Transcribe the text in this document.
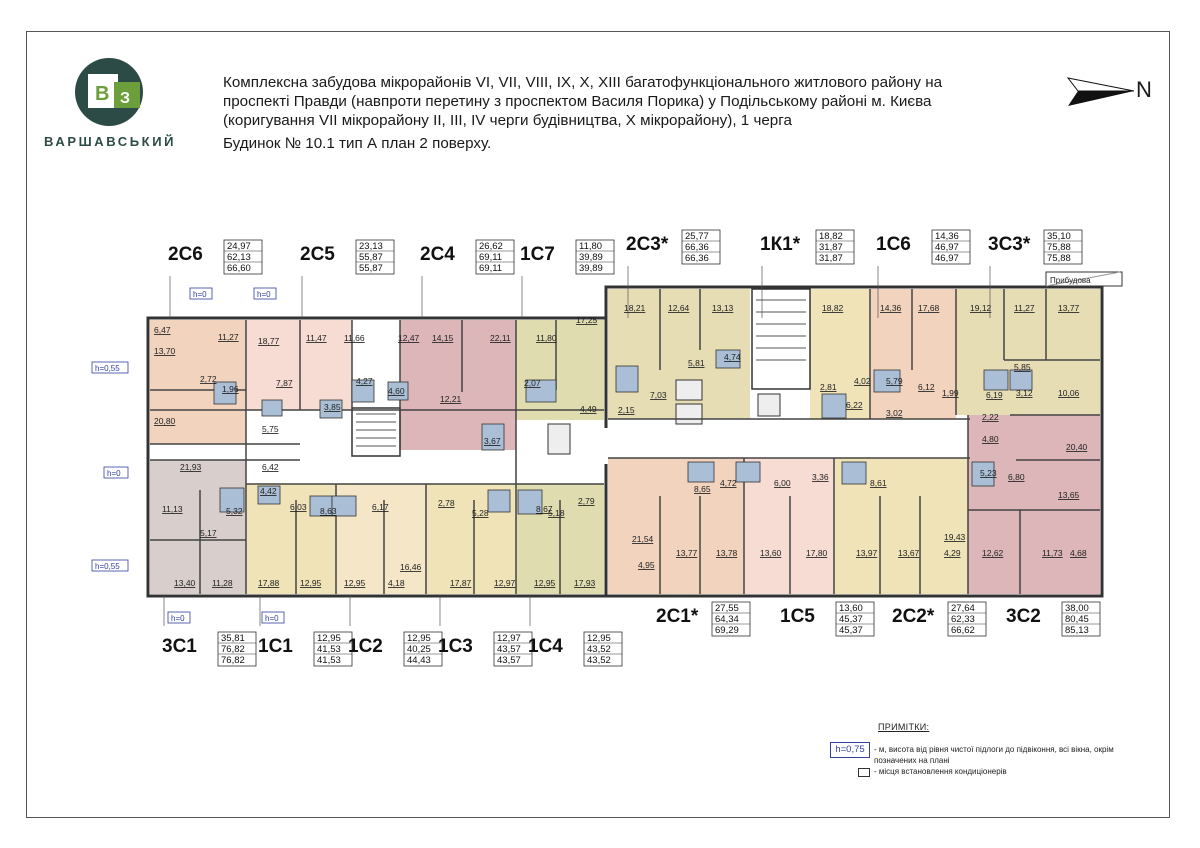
В З
ВАРШАВСЬКИЙ
Комплексна забудова мікрорайонів VI, VII, VIII, IX, X, XIII багатофункціонального житлового району на
проспекті Правди (навпроти перетину з проспектом Василя Порика) у Подільському районі м. Києва
(коригування VII мікрорайону II, III, IV черги будівництва, X мікрорайону), 1 черга
Будинок № 10.1 тип А план 2 поверху.
N
h=0	h=0
h=0,55
h=0
h=0,55
h=0	h=0
Прибудова
2С6	24,97
62,13
66,60
2С5	23,13
55,87
55,87
2С4	26,62
69,11
69,11
1С7	11,80
39,89
39,89
2С3* 25,77
66,36
66,36
1К1* 18,82
31,87
31,87
1С6	14,36
46,97
46,97
3С3* 35,10
75,88
75,88
3С1	35,81
76,82
76,82
1С1	12,95
41,53
41,53
1С2	12,95
40,25
44,43
1С3	12,97
43,57
43,57
1С4	12,95
43,52
43,52
2С1* 27,55
64,34
69,29
1С5	13,60
45,37
45,37
2С2* 27,64
62,33
66,62
3С2	38,00
80,45
85,13
6,47
11,27
13,70
2,72
1,96
20,80
21,93
11,13
5,17
13,40 11,28
5,32
18,77	11,47 11,66
7,87	4,27
3,85
12,47 14,15	22,11
4,60
12,21
3,67
5,75
6,42
6,03
4,42
6,17
17,88 12,95	12,95	4,18
16,46
2,78
5,28
17,87	12,97
11,80
17,25
2,07
4,49
12,95 17,93
5,18
2,79
18,21	12,64	13,13
4,74
5,81
7,03
2,15
18,82
2,81
4,02
6,22
14,36 17,68
5,79
6,12
3,02
19,12	11,27	13,77
5,85
6,19 3,12	10,06
2,22
4,80
20,40
8,65
4,72	6,00
3,36
8,61
21,54
13,77 13,78	13,60	17,80	13,97 13,67
19,43
4,29
4,95
5,23 6,80
13,65
12,62	11,73 4,68
1,99
8,63	8,67
ПРИМІТКИ:
h=0,75	- м, висота від рівня чистої підлоги до підвіконня, всі вікна, окрім позначених на плані
- місця встановлення кондиціонерів
